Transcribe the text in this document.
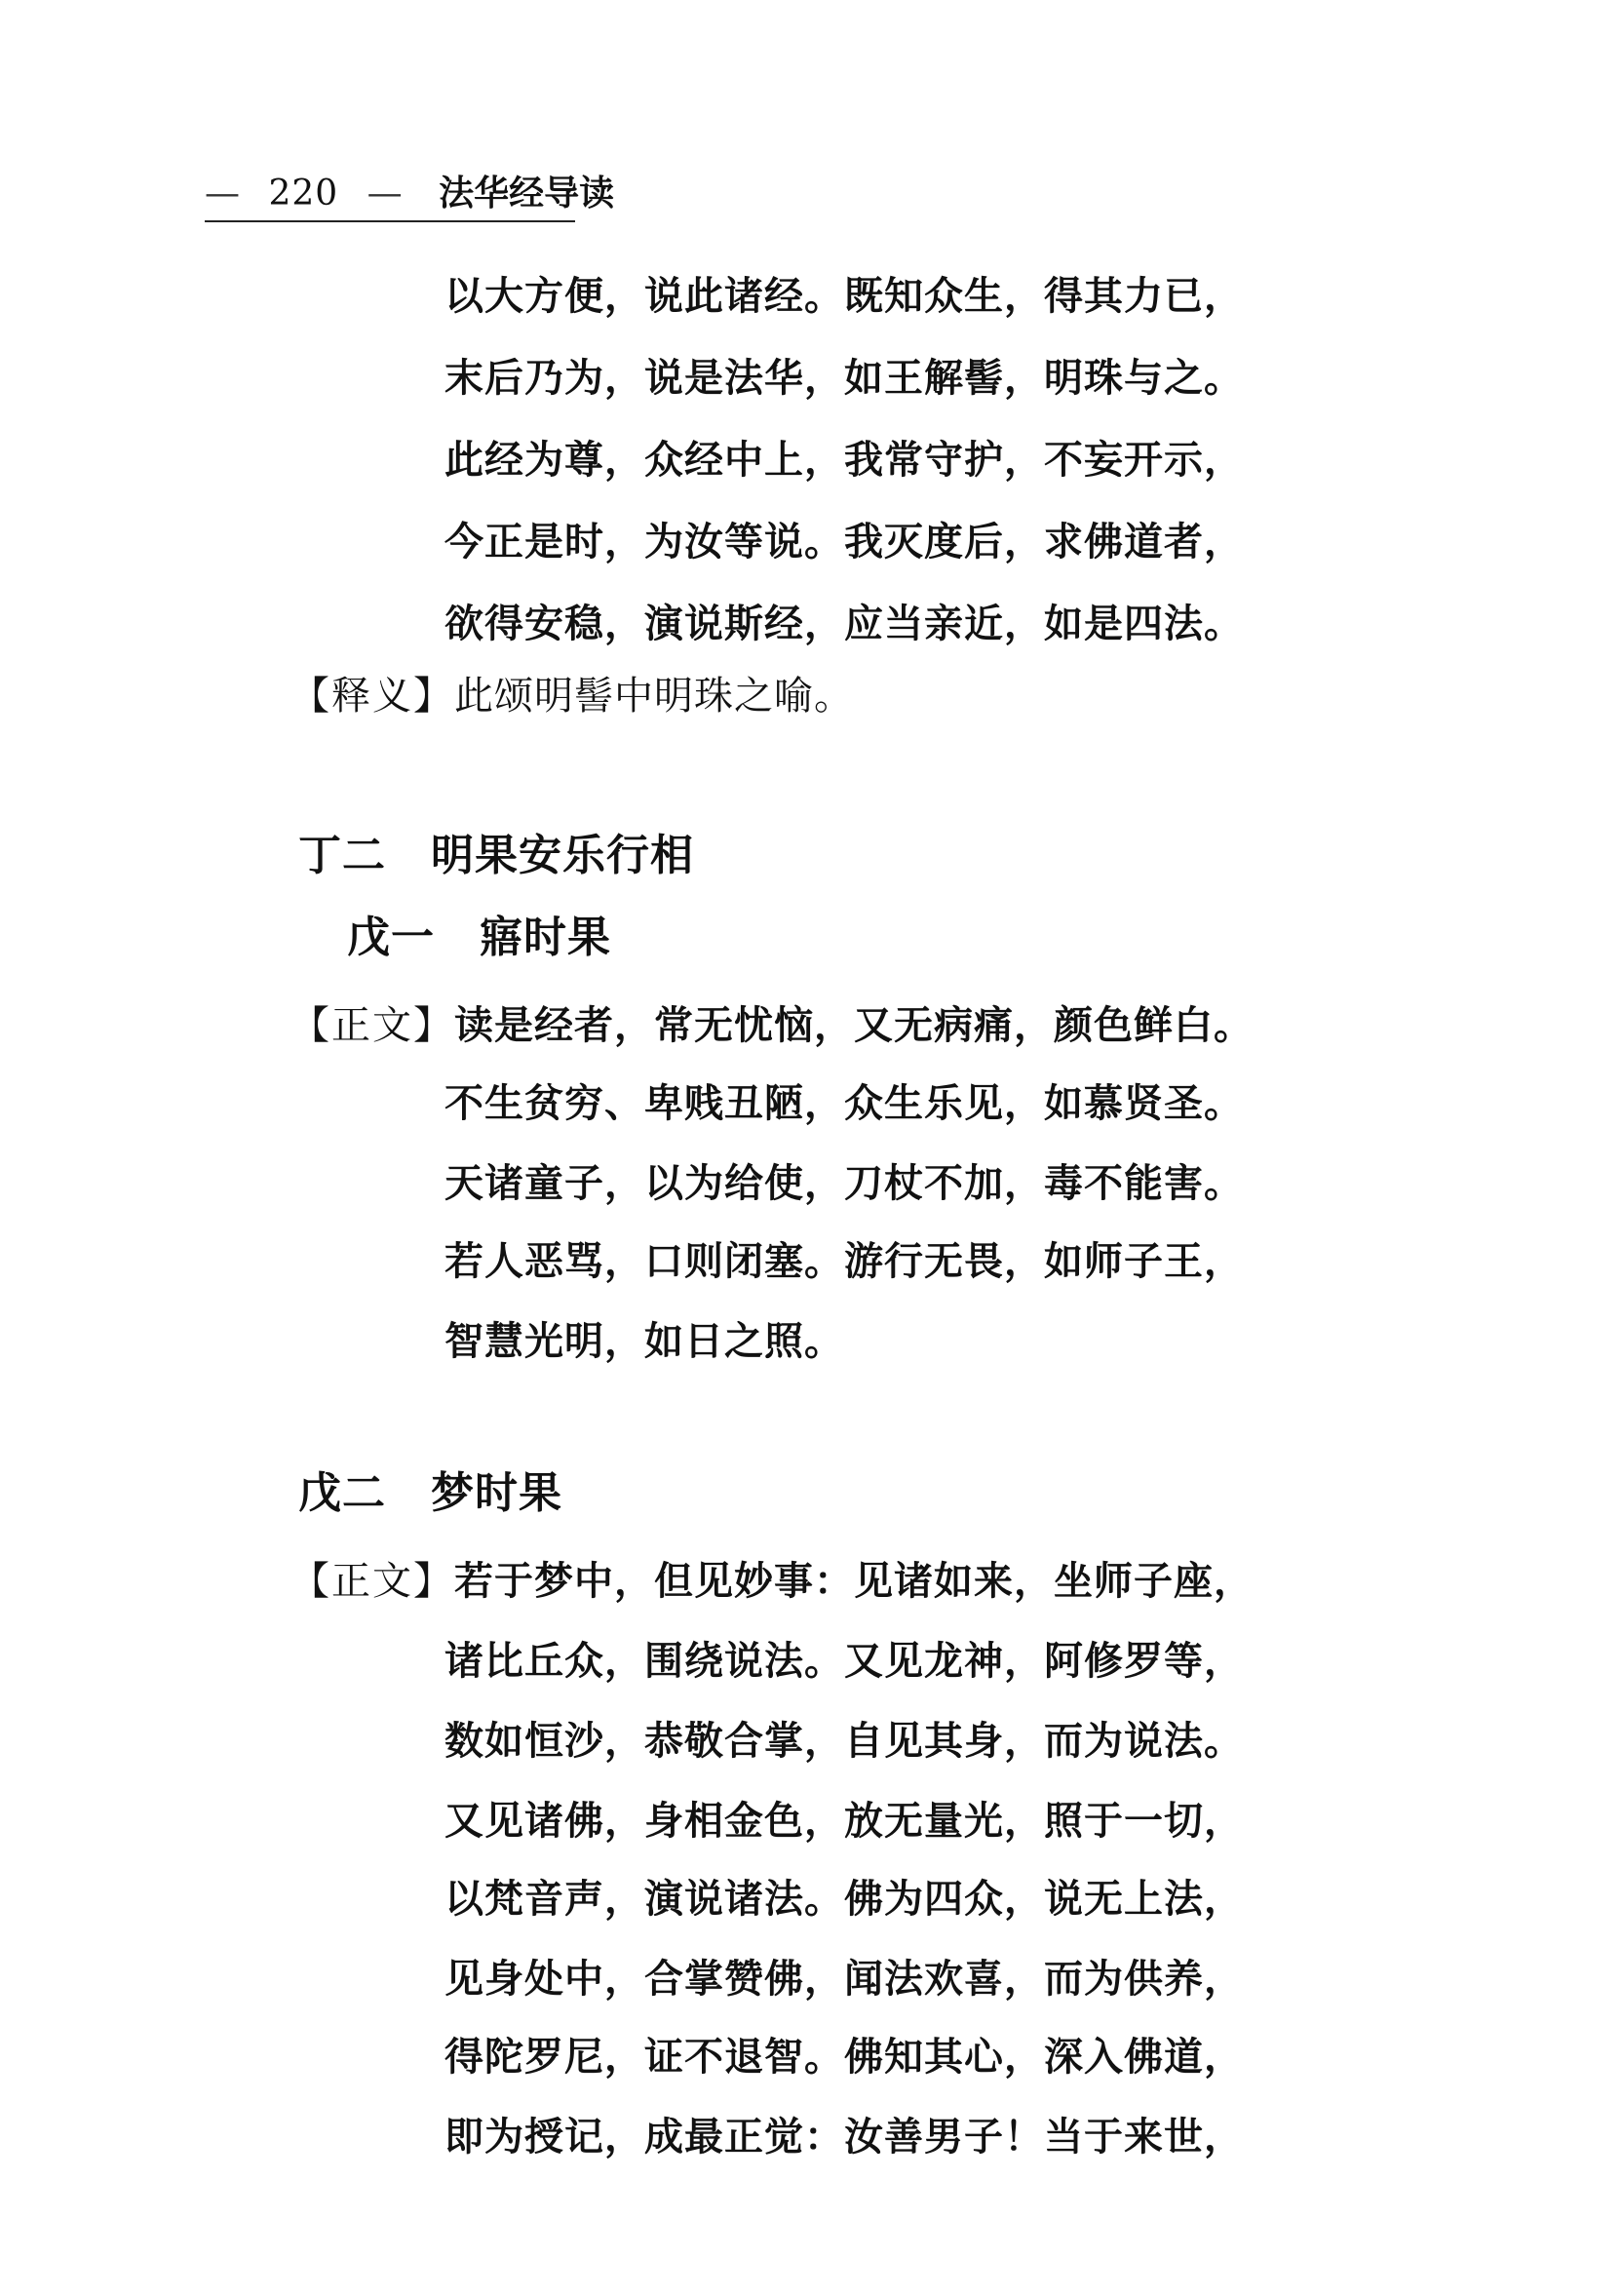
— 220 — 法华经导读
以大方便，说此诸经。既知众生，得其力已，
末后乃为，说是法华，如王解髻，明珠与之。
此经为尊，众经中上，我常守护，不妄开示，
今正是时，为汝等说。我灭度后，求佛道者，
欲得安稳，演说斯经，应当亲近，如是四法。
【释义】此颂明髻中明珠之喻。
丁二 明果安乐行相
戊一 寤时果
【正文】读是经者，常无忧恼，又无病痛，颜色鲜白。
不生贫穷、卑贱丑陋，众生乐见，如慕贤圣。
天诸童子，以为给使，刀杖不加，毒不能害。
若人恶骂，口则闭塞。游行无畏，如师子王，
智慧光明，如日之照。
戊二 梦时果
【正文】若于梦中，但见妙事：见诸如来，坐师子座，
诸比丘众，围绕说法。又见龙神，阿修罗等，
数如恒沙，恭敬合掌，自见其身，而为说法。
又见诸佛，身相金色，放无量光，照于一切，
以梵音声，演说诸法。佛为四众，说无上法，
见身处中，合掌赞佛，闻法欢喜，而为供养，
得陀罗尼，证不退智。佛知其心，深入佛道，
即为授记，成最正觉：汝善男子！当于来世，
